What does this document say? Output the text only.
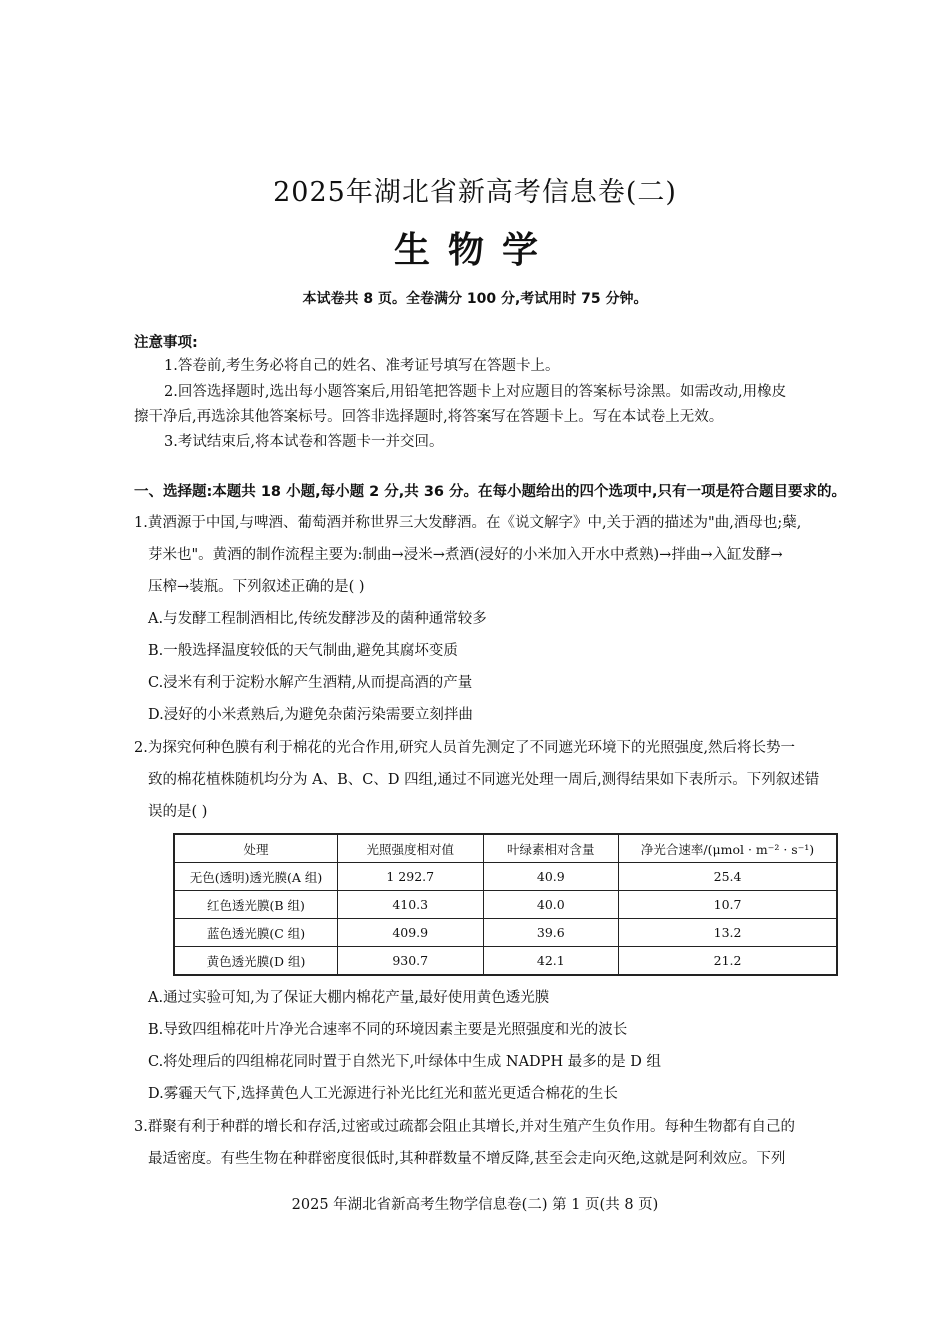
2025年湖北省新高考信息卷(二)
生物学
本试卷共 8 页。全卷满分 100 分,考试用时 75 分钟。
注意事项:
1.答卷前,考生务必将自己的姓名、准考证号填写在答题卡上。
2.回答选择题时,选出每小题答案后,用铅笔把答题卡上对应题目的答案标号涂黑。如需改动,用橡皮
擦干净后,再选涂其他答案标号。回答非选择题时,将答案写在答题卡上。写在本试卷上无效。
3.考试结束后,将本试卷和答题卡一并交回。
一、选择题:本题共 18 小题,每小题 2 分,共 36 分。在每小题给出的四个选项中,只有一项是符合题目要求的。
1.黄酒源于中国,与啤酒、葡萄酒并称世界三大发酵酒。在《说文解字》中,关于酒的描述为"曲,酒母也;蘖,
芽米也"。黄酒的制作流程主要为:制曲→浸米→煮酒(浸好的小米加入开水中煮熟)→拌曲→入缸发酵→
压榨→装瓶。下列叙述正确的是( )
A.与发酵工程制酒相比,传统发酵涉及的菌种通常较多
B.一般选择温度较低的天气制曲,避免其腐坏变质
C.浸米有利于淀粉水解产生酒精,从而提高酒的产量
D.浸好的小米煮熟后,为避免杂菌污染需要立刻拌曲
2.为探究何种色膜有利于棉花的光合作用,研究人员首先测定了不同遮光环境下的光照强度,然后将长势一
致的棉花植株随机均分为 A、B、C、D 四组,通过不同遮光处理一周后,测得结果如下表所示。下列叙述错
误的是( )
处理	光照强度相对值	叶绿素相对含量	净光合速率/(μmol · m⁻² · s⁻¹)
无色(透明)透光膜(A 组)	1 292.7	40.9	25.4
红色透光膜(B 组)	410.3	40.0	10.7
蓝色透光膜(C 组)	409.9	39.6	13.2
黄色透光膜(D 组)	930.7	42.1	21.2
A.通过实验可知,为了保证大棚内棉花产量,最好使用黄色透光膜
B.导致四组棉花叶片净光合速率不同的环境因素主要是光照强度和光的波长
C.将处理后的四组棉花同时置于自然光下,叶绿体中生成 NADPH 最多的是 D 组
D.雾霾天气下,选择黄色人工光源进行补光比红光和蓝光更适合棉花的生长
3.群聚有利于种群的增长和存活,过密或过疏都会阻止其增长,并对生殖产生负作用。每种生物都有自己的
最适密度。有些生物在种群密度很低时,其种群数量不增反降,甚至会走向灭绝,这就是阿利效应。下列
2025 年湖北省新高考生物学信息卷(二) 第 1 页(共 8 页)
